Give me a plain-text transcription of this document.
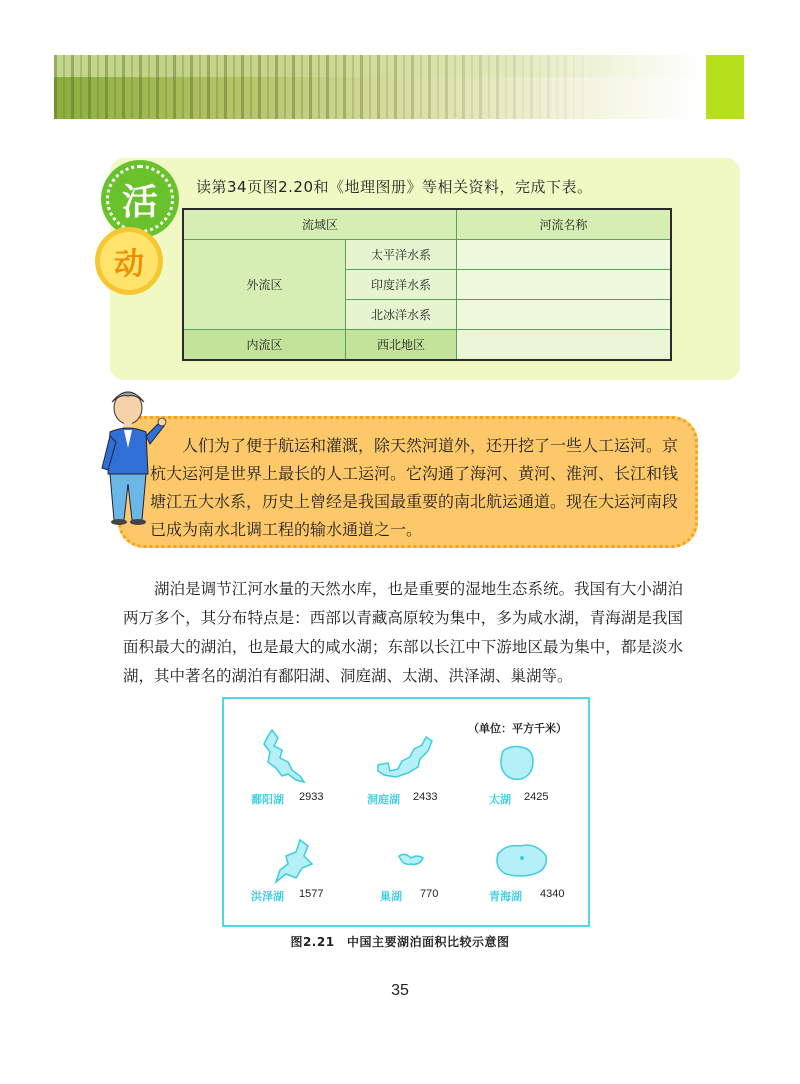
活
动
读第34页图2.20和《地理图册》等相关资料，完成下表。
流域区		河流名称
外流区	太平洋水系	
	印度洋水系	
	北冰洋水系	
内流区	西北地区	
人们为了便于航运和灌溉，除天然河道外，还开挖了一些人工运河。京杭大运河是世界上最长的人工运河。它沟通了海河、黄河、淮河、长江和钱塘江五大水系，历史上曾经是我国最重要的南北航运通道。现在大运河南段已成为南水北调工程的输水通道之一。
湖泊是调节江河水量的天然水库，也是重要的湿地生态系统。我国有大小湖泊两万多个，其分布特点是：西部以青藏高原较为集中，多为咸水湖，青海湖是我国面积最大的湖泊，也是最大的咸水湖；东部以长江中下游地区最为集中，都是淡水湖，其中著名的湖泊有鄱阳湖、洞庭湖、太湖、洪泽湖、巢湖等。
（单位：平方千米）
鄱阳湖 2933	洞庭湖 2433	太湖 2425
洪泽湖 1577	巢湖 770	青海湖 4340
图2.21　中国主要湖泊面积比较示意图
35
